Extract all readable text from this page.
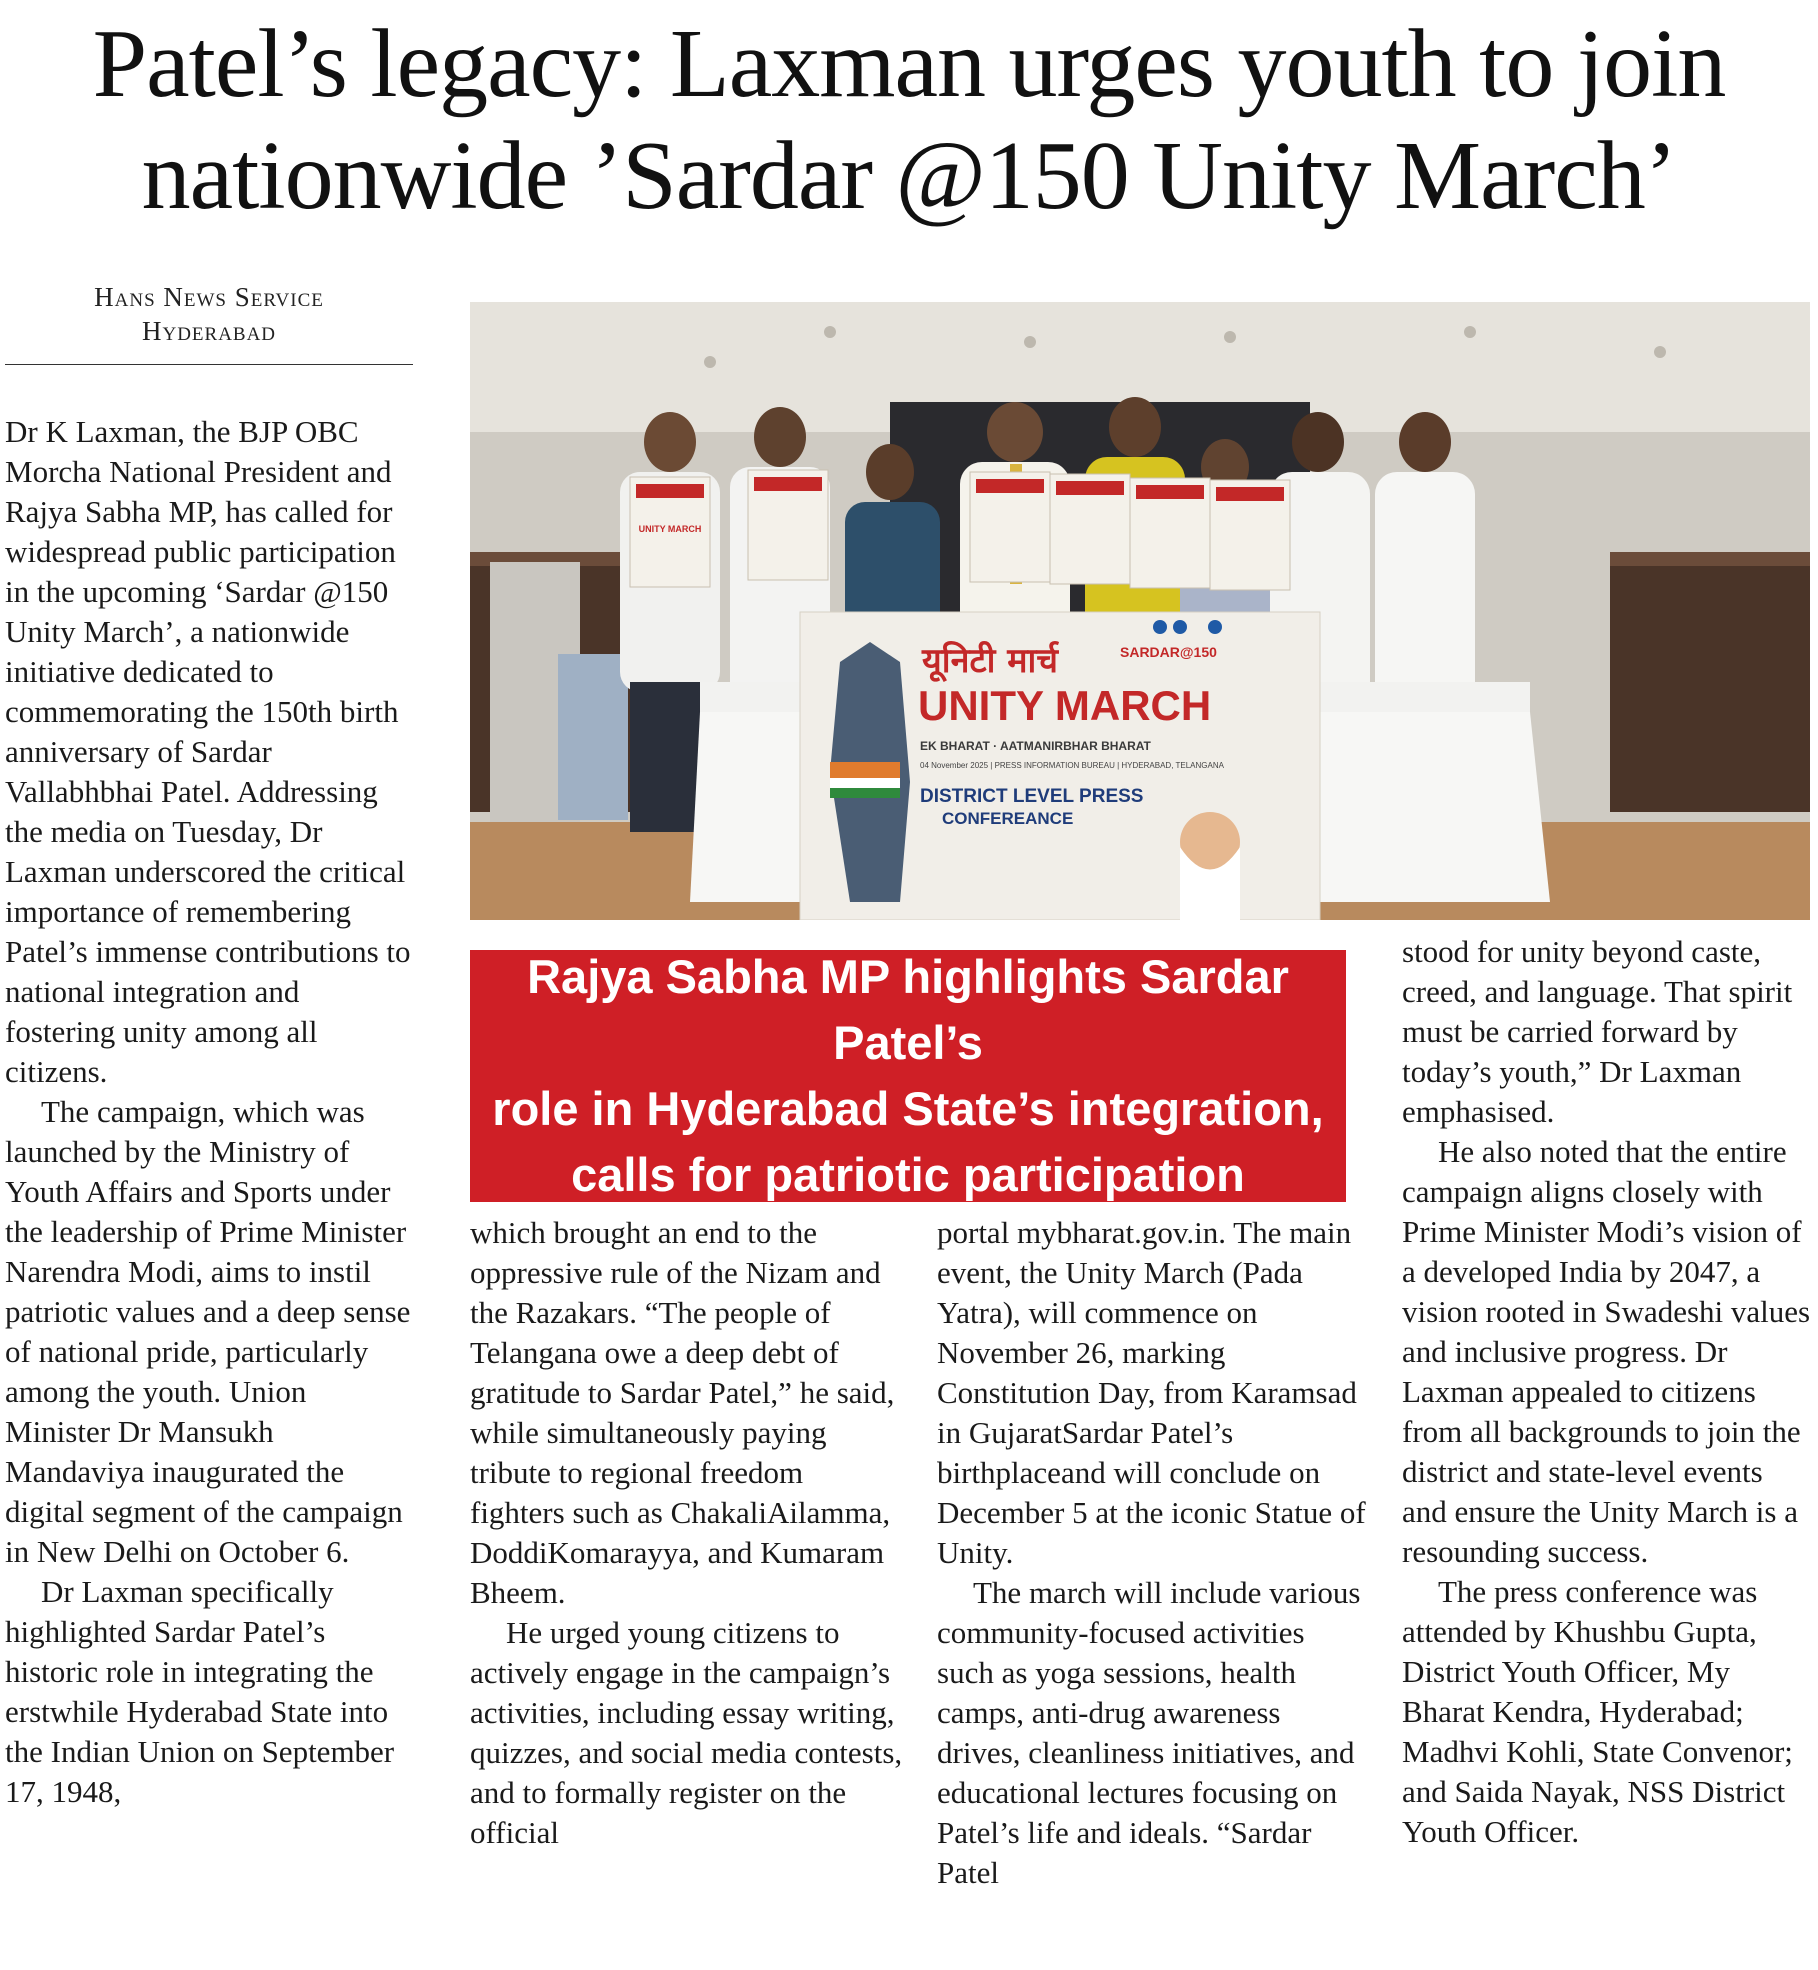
Patel’s legacy: Laxman urges youth to join
nationwide ’Sardar @150 Unity March’
Hans News Service
Hyderabad

Dr K Laxman, the BJP OBC Morcha National President and Rajya Sabha MP, has called for widespread public participation in the upcoming ‘Sardar @150 Unity March’, a nationwide initiative dedicated to commemorating the 150th birth anniversary of Sardar Vallabhbhai Patel. Addressing the media on Tuesday, Dr Laxman underscored the critical importance of remembering Patel’s immense contributions to national integration and fostering unity among all citizens.

The campaign, which was launched by the Ministry of Youth Affairs and Sports under the leadership of Prime Minister Narendra Modi, aims to instil patriotic values and a deep sense of national pride, particularly among the youth. Union Minister Dr Mansukh Mandaviya inaugurated the digital segment of the campaign in New Delhi on October 6.

Dr Laxman specifically highlighted Sardar Patel’s historic role in integrating the erstwhile Hyderabad State into the Indian Union on September 17, 1948,

UNITY MARCH
यूनिटी मार्च	SARDAR@150
UNITY MARCH
EK BHARAT · AATMANIRBHAR BHARAT
04 November 2025 | PRESS INFORMATION BUREAU | HYDERABAD, TELANGANA
DISTRICT LEVEL PRESS
CONFEREANCE
Rajya Sabha MP highlights Sardar Patel’s
role in Hyderabad State’s integration,
calls for patriotic participation

which brought an end to the oppressive rule of the Nizam and the Razakars. “The people of Telangana owe a deep debt of gratitude to Sardar Patel,” he said, while simultaneously paying tribute to regional freedom fighters such as ChakaliAilamma, DoddiKomarayya, and Kumaram Bheem.

He urged young citizens to actively engage in the campaign’s activities, including essay writing, quizzes, and social media contests, and to formally register on the official

portal mybharat.gov.in. The main event, the Unity March (Pada Yatra), will commence on November 26, marking Constitution Day, from Karamsad in GujaratSardar Patel’s birthplaceand will conclude on December 5 at the iconic Statue of Unity.

The march will include various community-focused activities such as yoga sessions, health camps, anti-drug awareness drives, cleanliness initiatives, and educational lectures focusing on Patel’s life and ideals. “Sardar Patel

stood for unity beyond caste, creed, and language. That spirit must be carried forward by today’s youth,” Dr Laxman emphasised.

He also noted that the entire campaign aligns closely with Prime Minister Modi’s vision of a developed India by 2047, a vision rooted in Swadeshi values and inclusive progress. Dr Laxman appealed to citizens from all backgrounds to join the district and state-level events and ensure the Unity March is a resounding success.

The press conference was attended by Khushbu Gupta, District Youth Officer, My Bharat Kendra, Hyderabad; Madhvi Kohli, State Convenor; and Saida Nayak, NSS District Youth Officer.
